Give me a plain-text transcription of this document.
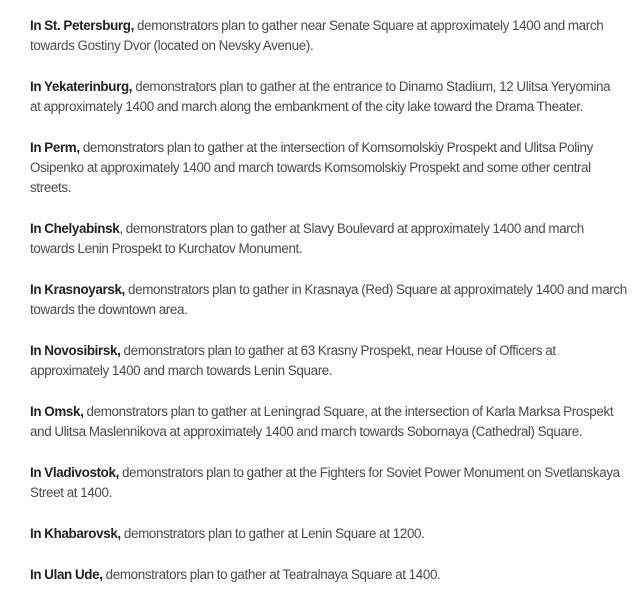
In St. Petersburg, demonstrators plan to gather near Senate Square at approximately 1400 and march
towards Gostiny Dvor (located on Nevsky Avenue).

In Yekaterinburg, demonstrators plan to gather at the entrance to Dinamo Stadium, 12 Ulitsa Yeryomina
at approximately 1400 and march along the embankment of the city lake toward the Drama Theater.

In Perm, demonstrators plan to gather at the intersection of Komsomolskiy Prospekt and Ulitsa Poliny
Osipenko at approximately 1400 and march towards Komsomolskiy Prospekt and some other central
streets.

In Chelyabinsk, demonstrators plan to gather at Slavy Boulevard at approximately 1400 and march
towards Lenin Prospekt to Kurchatov Monument.

In Krasnoyarsk, demonstrators plan to gather in Krasnaya (Red) Square at approximately 1400 and march
towards the downtown area.

In Novosibirsk, demonstrators plan to gather at 63 Krasny Prospekt, near House of Officers at
approximately 1400 and march towards Lenin Square.

In Omsk, demonstrators plan to gather at Leningrad Square, at the intersection of Karla Marksa Prospekt
and Ulitsa Maslennikova at approximately 1400 and march towards Sobornaya (Cathedral) Square.

In Vladivostok, demonstrators plan to gather at the Fighters for Soviet Power Monument on Svetlanskaya
Street at 1400.

In Khabarovsk, demonstrators plan to gather at Lenin Square at 1200.

In Ulan Ude, demonstrators plan to gather at Teatralnaya Square at 1400.
